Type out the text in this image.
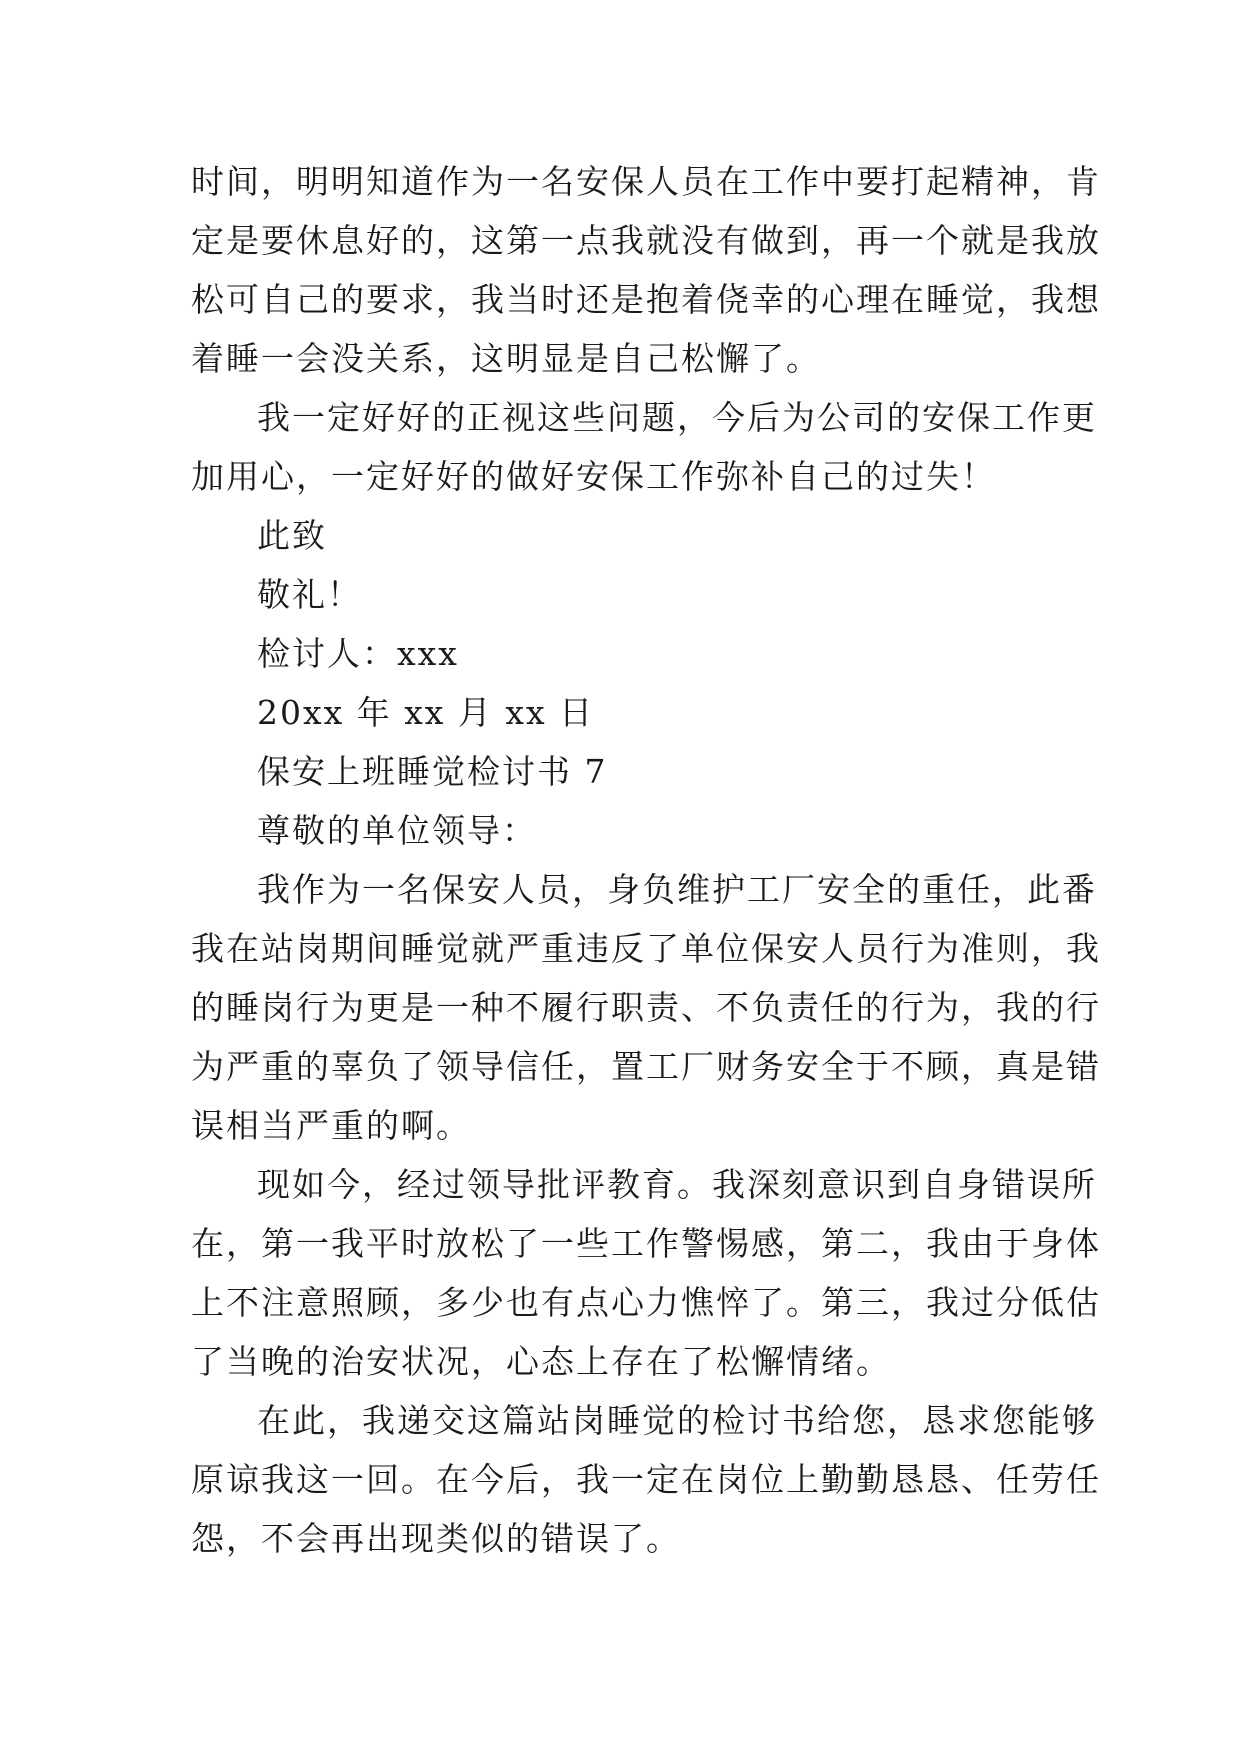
时间，明明知道作为一名安保人员在工作中要打起精神，肯
定是要休息好的，这第一点我就没有做到，再一个就是我放
松可自己的要求，我当时还是抱着侥幸的心理在睡觉，我想
着睡一会没关系，这明显是自己松懈了。

我一定好好的正视这些问题，今后为公司的安保工作更
加用心，一定好好的做好安保工作弥补自己的过失！

此致

敬礼！

检讨人：xxx

20xx 年 xx 月 xx 日

保安上班睡觉检讨书 7

尊敬的单位领导：

我作为一名保安人员，身负维护工厂安全的重任，此番
我在站岗期间睡觉就严重违反了单位保安人员行为准则，我
的睡岗行为更是一种不履行职责、不负责任的行为，我的行
为严重的辜负了领导信任，置工厂财务安全于不顾，真是错
误相当严重的啊。

现如今，经过领导批评教育。我深刻意识到自身错误所
在，第一我平时放松了一些工作警惕感，第二，我由于身体
上不注意照顾，多少也有点心力憔悴了。第三，我过分低估
了当晚的治安状况，心态上存在了松懈情绪。

在此，我递交这篇站岗睡觉的检讨书给您，恳求您能够
原谅我这一回。在今后，我一定在岗位上勤勤恳恳、任劳任
怨，不会再出现类似的错误了。
